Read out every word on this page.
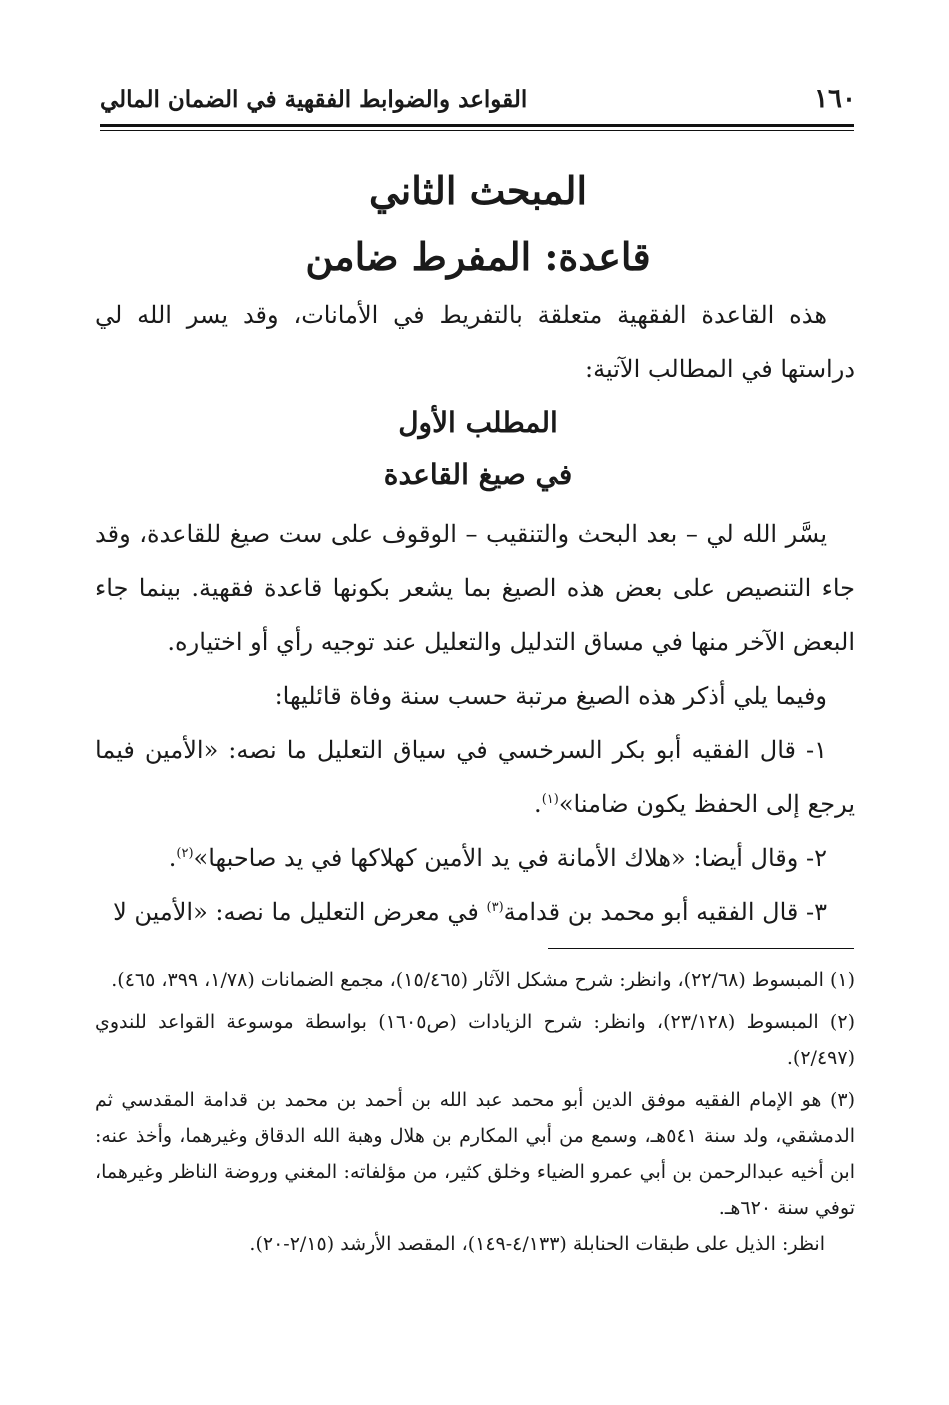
١٦٠
القواعد والضوابط الفقهية في الضمان المالي
المبحث الثاني
قاعدة: المفرط ضامن

هذه القاعدة الفقهية متعلقة بالتفريط في الأمانات، وقد يسر الله لي دراستها في المطالب الآتية:

المطلب الأول
في صيغ القاعدة

يسَّر الله لي – بعد البحث والتنقيب – الوقوف على ست صيغ للقاعدة، وقد جاء التنصيص على بعض هذه الصيغ بما يشعر بكونها قاعدة فقهية. بينما جاء البعض الآخر منها في مساق التدليل والتعليل عند توجيه رأي أو اختياره.

وفيما يلي أذكر هذه الصيغ مرتبة حسب سنة وفاة قائليها:

١- قال الفقيه أبو بكر السرخسي في سياق التعليل ما نصه: «الأمين فيما يرجع إلى الحفظ يكون ضامنا»$^{(١)}$.

٢- وقال أيضا: «هلاك الأمانة في يد الأمين كهلاكها في يد صاحبها»$^{(٢)}$.

٣- قال الفقيه أبو محمد بن قدامة$^{(٣)}$ في معرض التعليل ما نصه: «الأمين لا

(١) المبسوط (٢٢/٦٨)، وانظر: شرح مشكل الآثار (١٥/٤٦٥)، مجمع الضمانات (١/٧٨، ٣٩٩، ٤٦٥).

(٢) المبسوط (٢٣/١٢٨)، وانظر: شرح الزيادات (ص١٦٠٥) بواسطة موسوعة القواعد للندوي (٢/٤٩٧).

(٣) هو الإمام الفقيه موفق الدين أبو محمد عبد الله بن أحمد بن محمد بن قدامة المقدسي ثم الدمشقي، ولد سنة ٥٤١هـ، وسمع من أبي المكارم بن هلال وهبة الله الدقاق وغيرهما، وأخذ عنه: ابن أخيه عبدالرحمن بن أبي عمرو الضياء وخلق كثير، من مؤلفاته: المغني وروضة الناظر وغيرهما، توفي سنة ٦٢٠هـ.

انظر: الذيل على طبقات الحنابلة (٤/١٣٣-١٤٩)، المقصد الأرشد (٢/١٥-٢٠).
